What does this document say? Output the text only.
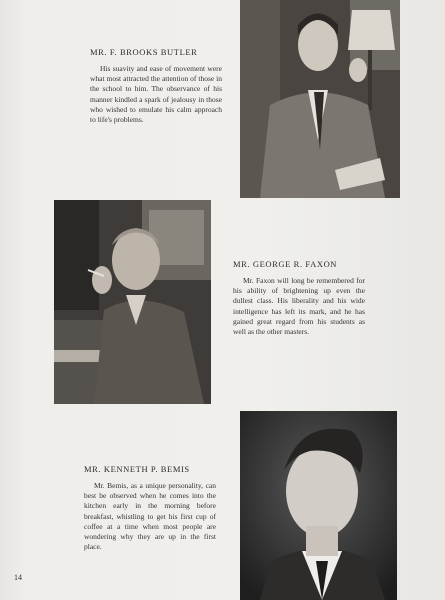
MR. F. BROOKS BUTLER

His suavity and ease of movement were what most attracted the attention of those in the school to him. The observance of his manner kindled a spark of jealousy in those who wished to emulate his calm approach to life's problems.

MR. GEORGE R. FAXON

Mr. Faxon will long be remembered for his ability of brightening up even the dullest class. His liberality and his wide intelligence has left its mark, and he has gained great regard from his students as well as the other masters.

MR. KENNETH P. BEMIS

Mr. Bemis, as a unique personality, can best be observed when he comes into the kitchen early in the morning before breakfast, whistling to get his first cup of coffee at a time when most people are wondering why they are up in the first place.

14
